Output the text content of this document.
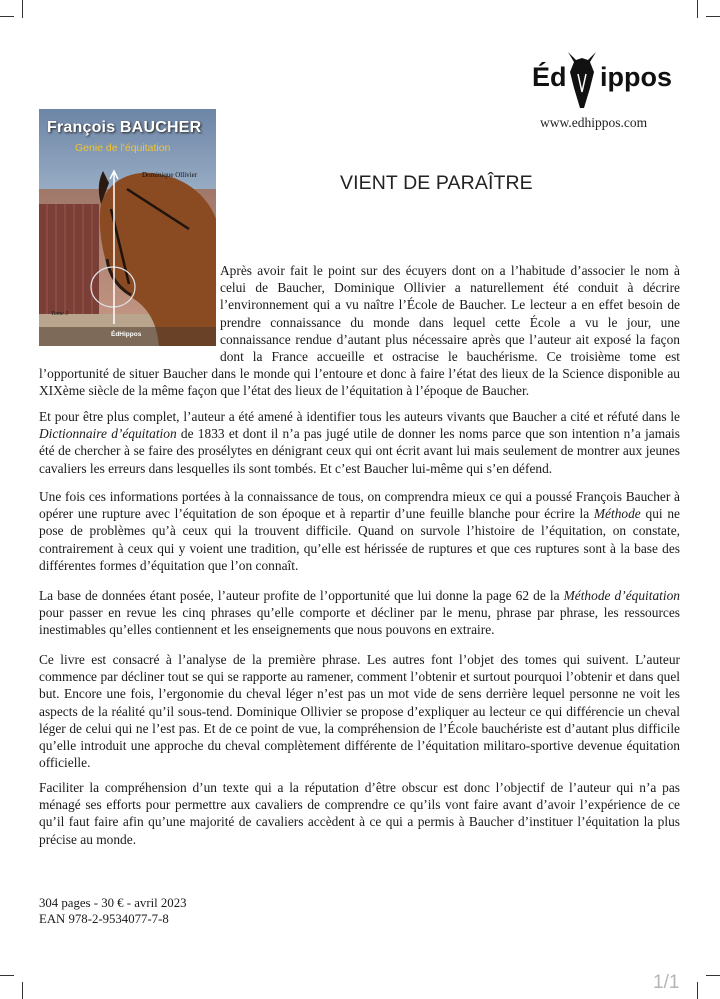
François BAUCHER
Genie de l'équitation
Dominique Ollivier
Tome 3
ÉdHippos
Éd ippos
www.edhippos.com
VIENT DE PARAÎTRE

Après avoir fait le point sur des écuyers dont on a l’habitude d’associer le nom à celui de Baucher, Dominique Ollivier a naturellement été conduit à décrire l’environnement qui a vu naître l’École de Baucher. Le lecteur a en effet besoin de prendre connaissance du monde dans lequel cette École a vu le jour, une connaissance rendue d’autant plus nécessaire après que l’auteur ait exposé la façon dont la France accueille et ostracise le bauchérisme. Ce troisième tome est l’opportunité de situer Baucher dans le monde qui l’entoure et donc à faire l’état des lieux de la Science disponible au XIXème siècle de la même façon que l’état des lieux de l’équitation à l’époque de Baucher.

Et pour être plus complet, l’auteur a été amené à identifier tous les auteurs vivants que Baucher a cité et réfuté dans le Dictionnaire d’équitation de 1833 et dont il n’a pas jugé utile de donner les noms parce que son intention n’a jamais été de chercher à se faire des prosélytes en dénigrant ceux qui ont écrit avant lui mais seulement de montrer aux jeunes cavaliers les erreurs dans lesquelles ils sont tombés. Et c’est Baucher lui-même qui s’en défend.

Une fois ces informations portées à la connaissance de tous, on comprendra mieux ce qui a poussé François Baucher à opérer une rupture avec l’équitation de son époque et à repartir d’une feuille blanche pour écrire la Méthode qui ne pose de problèmes qu’à ceux qui la trouvent difficile. Quand on survole l’histoire de l’équitation, on constate, contrairement à ceux qui y voient une tradition, qu’elle est hérissée de ruptures et que ces ruptures sont à la base des différentes formes d’équitation que l’on connaît.

La base de données étant posée, l’auteur profite de l’opportunité que lui donne la page 62 de la Méthode d’équitation pour passer en revue les cinq phrases qu’elle comporte et décliner par le menu, phrase par phrase, les ressources inestimables qu’elles contiennent et les enseignements que nous pouvons en extraire.

Ce livre est consacré à l’analyse de la première phrase. Les autres font l’objet des tomes qui suivent. L’auteur commence par décliner tout se qui se rapporte au ramener, comment l’obtenir et surtout pourquoi l’obtenir et dans quel but. Encore une fois, l’ergonomie du cheval léger n’est pas un mot vide de sens derrière lequel personne ne voit les aspects de la réalité qu’il sous-tend. Dominique Ollivier se propose d’expliquer au lecteur ce qui différencie un cheval léger de celui qui ne l’est pas. Et de ce point de vue, la compréhension de l’École bauchériste est d’autant plus difficile qu’elle introduit une approche du cheval complètement différente de l’équitation militaro-sportive devenue équitation officielle.

Faciliter la compréhension d’un texte qui a la réputation d’être obscur est donc l’objectif de l’auteur qui n’a pas ménagé ses efforts pour permettre aux cavaliers de comprendre ce qu’ils vont faire avant d’avoir l’expérience de ce qu’il faut faire afin qu’une majorité de cavaliers accèdent à ce qui a permis à Baucher d’instituer l’équitation la plus précise au monde.

304 pages - 30 € - avril 2023
EAN 978-2-9534077-7-8
1/1
